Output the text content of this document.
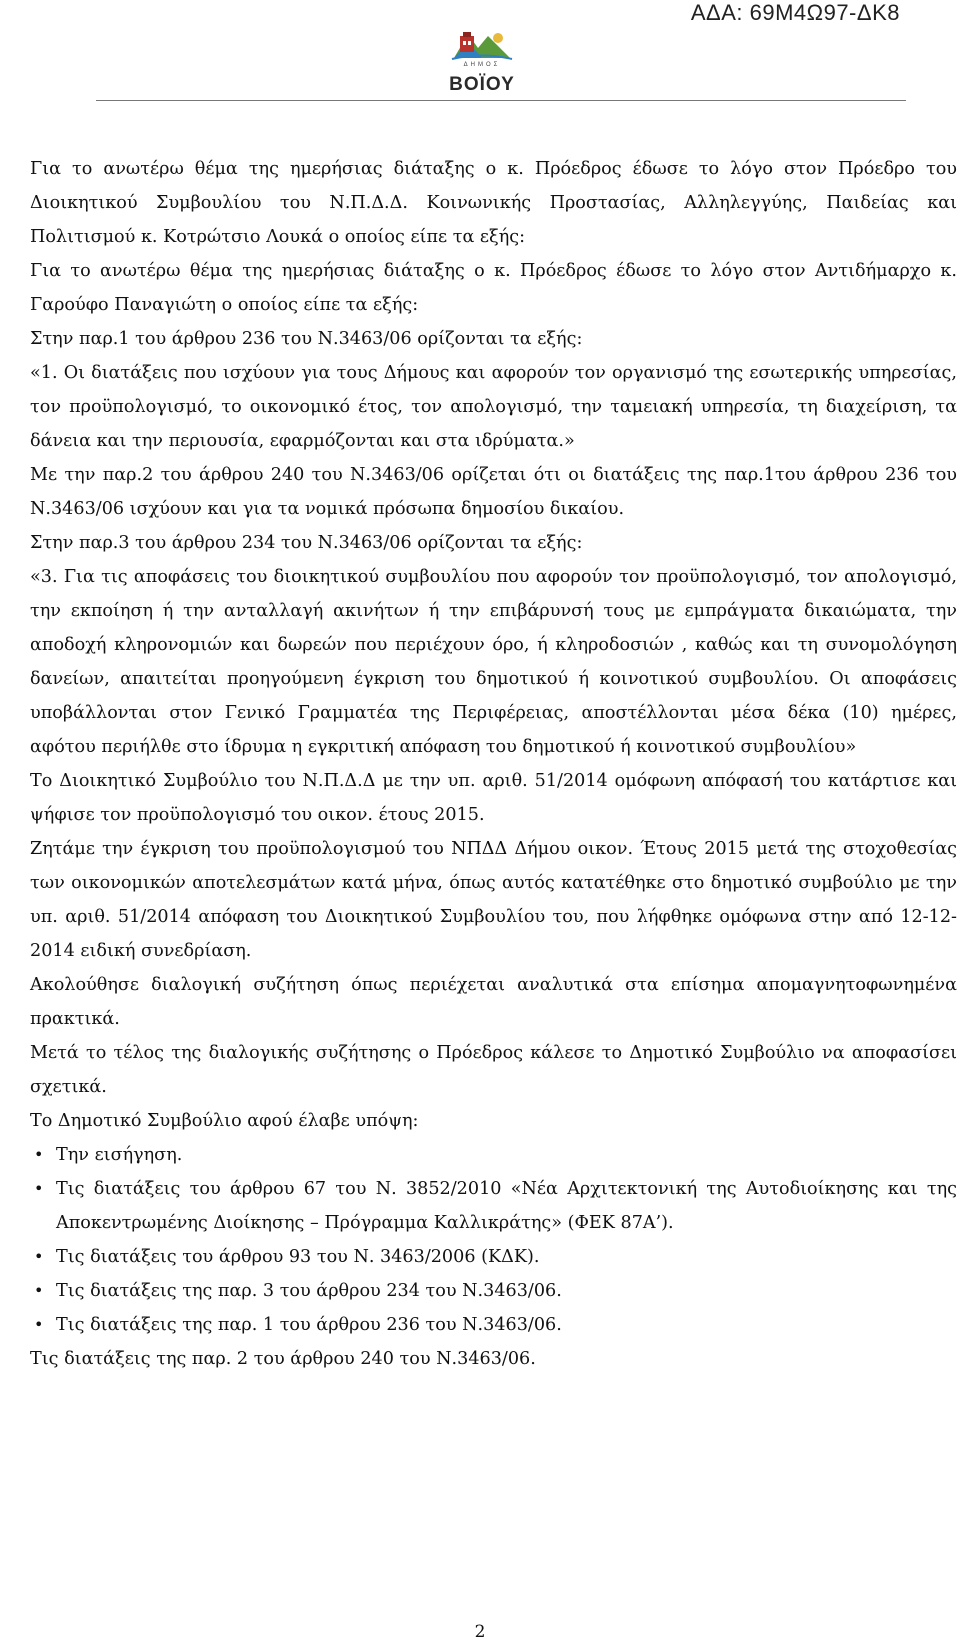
ΑΔΑ: 69Μ4Ω97-ΔΚ8
ΔΗΜΟΣ
ΒΟΪΟΥ

Για το ανωτέρω θέμα της ημερήσιας διάταξης ο κ. Πρόεδρος έδωσε το λόγο στον Πρόεδρο του Διοικητικού Συμβουλίου του Ν.Π.Δ.Δ. Κοινωνικής Προστασίας, Αλληλεγγύης, Παιδείας και Πολιτισμού κ. Κοτρώτσιο Λουκά ο οποίος είπε τα εξής:

Για το ανωτέρω θέμα της ημερήσιας διάταξης ο κ. Πρόεδρος έδωσε το λόγο στον Αντιδήμαρχο κ. Γαρούφο Παναγιώτη ο οποίος είπε τα εξής:

Στην παρ.1 του άρθρου 236 του Ν.3463/06 ορίζονται τα εξής:

«1. Οι διατάξεις που ισχύουν για τους Δήμους και αφορούν τον οργανισμό της εσωτερικής υπηρεσίας, τον προϋπολογισμό, το οικονομικό έτος, τον απολογισμό, την ταμειακή υπηρεσία, τη διαχείριση, τα δάνεια και την περιουσία, εφαρμόζονται και στα ιδρύματα.»

Με την παρ.2 του άρθρου 240 του Ν.3463/06 ορίζεται ότι οι διατάξεις της παρ.1του άρθρου 236 του Ν.3463/06 ισχύουν και για τα νομικά πρόσωπα δημοσίου δικαίου.

Στην παρ.3 του άρθρου 234 του Ν.3463/06 ορίζονται τα εξής:

«3. Για τις αποφάσεις του διοικητικού συμβουλίου που αφορούν τον προϋπολογισμό, τον απολογισμό, την εκποίηση ή την ανταλλαγή ακινήτων ή την επιβάρυνσή τους με εμπράγματα δικαιώματα, την αποδοχή κληρονομιών και δωρεών που περιέχουν όρο, ή κληροδοσιών , καθώς και τη συνομολόγηση δανείων, απαιτείται προηγούμενη έγκριση του δημοτικού ή κοινοτικού συμβουλίου. Οι αποφάσεις υποβάλλονται στον Γενικό Γραμματέα της Περιφέρειας, αποστέλλονται μέσα δέκα (10) ημέρες, αφότου περιήλθε στο ίδρυμα η εγκριτική απόφαση του δημοτικού ή κοινοτικού συμβουλίου»

Το Διοικητικό Συμβούλιο του Ν.Π.Δ.Δ με την υπ. αριθ. 51/2014 ομόφωνη απόφασή του κατάρτισε και ψήφισε τον προϋπολογισμό του οικον. έτους 2015.

Ζητάμε την έγκριση του προϋπολογισμού του ΝΠΔΔ Δήμου οικον. Έτους 2015 μετά της στοχοθεσίας των οικονομικών αποτελεσμάτων κατά μήνα, όπως αυτός κατατέθηκε στο δημοτικό συμβούλιο με την υπ. αριθ. 51/2014 απόφαση του Διοικητικού Συμβουλίου του, που λήφθηκε ομόφωνα στην από 12-12-2014 ειδική συνεδρίαση.

Ακολούθησε διαλογική συζήτηση όπως περιέχεται αναλυτικά στα επίσημα απομαγνητοφωνημένα πρακτικά.

Μετά το τέλος της διαλογικής συζήτησης ο Πρόεδρος κάλεσε το Δημοτικό Συμβούλιο να αποφασίσει σχετικά.

Το Δημοτικό Συμβούλιο αφού έλαβε υπόψη:

• Την εισήγηση.
• Τις διατάξεις του άρθρου 67 του Ν. 3852/2010 «Νέα Αρχιτεκτονική της Αυτοδιοίκησης και της Αποκεντρωμένης Διοίκησης – Πρόγραμμα Καλλικράτης» (ΦΕΚ 87Α’).
• Τις διατάξεις του άρθρου 93 του Ν. 3463/2006 (ΚΔΚ).
• Τις διατάξεις της παρ. 3 του άρθρου 234 του Ν.3463/06.
• Τις διατάξεις της παρ. 1 του άρθρου 236 του Ν.3463/06.

Τις διατάξεις της παρ. 2 του άρθρου 240 του Ν.3463/06.

2
